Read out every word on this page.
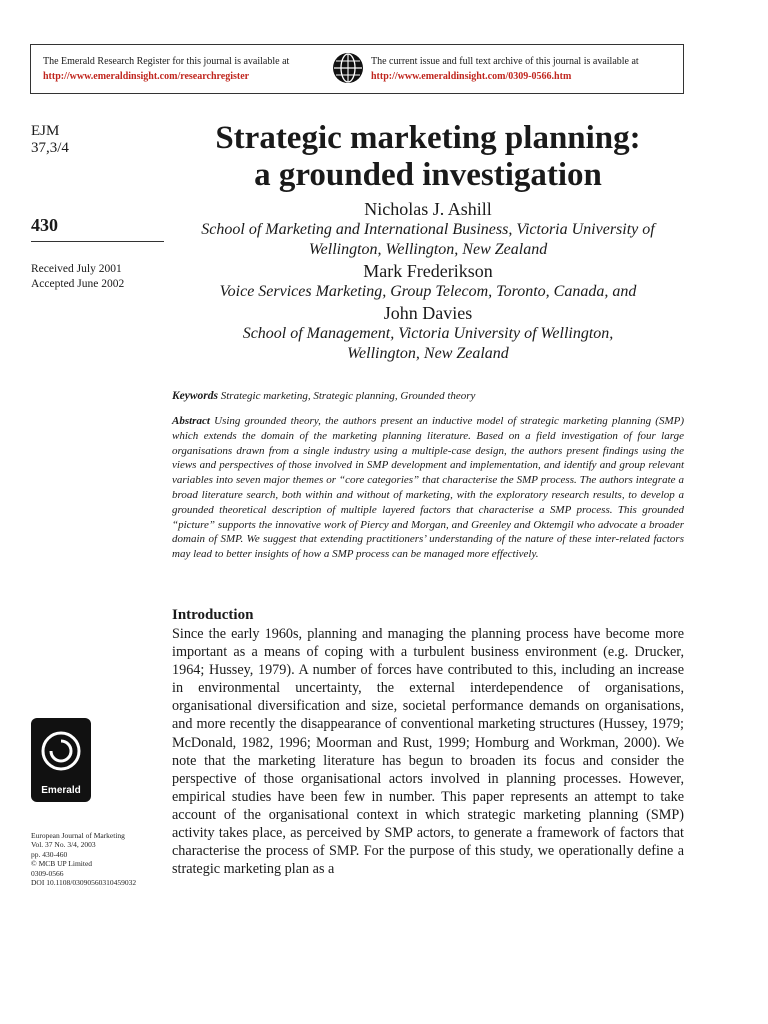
The Emerald Research Register for this journal is available at
http://www.emeraldinsight.com/researchregister
The current issue and full text archive of this journal is available at
http://www.emeraldinsight.com/0309-0566.htm
EJM
37,3/4
430
Received July 2001
Accepted June 2002
Strategic marketing planning:
a grounded investigation
Nicholas J. Ashill
School of Marketing and International Business, Victoria University of
Wellington, Wellington, New Zealand
Mark Frederikson
Voice Services Marketing, Group Telecom, Toronto, Canada, and
John Davies
School of Management, Victoria University of Wellington,
Wellington, New Zealand
Keywords Strategic marketing, Strategic planning, Grounded theory
Abstract Using grounded theory, the authors present an inductive model of strategic marketing planning (SMP) which extends the domain of the marketing planning literature. Based on a field investigation of four large organisations drawn from a single industry using a multiple-case design, the authors present findings using the views and perspectives of those involved in SMP development and implementation, and identify and group relevant variables into seven major themes or “core categories” that characterise the SMP process. The authors integrate a broad literature search, both within and without of marketing, with the exploratory research results, to develop a grounded theoretical description of multiple layered factors that characterise a SMP process. This grounded “picture” supports the innovative work of Piercy and Morgan, and Greenley and Oktemgil who advocate a broader domain of SMP. We suggest that extending practitioners’ understanding of the nature of these inter-related factors may lead to better insights of how a SMP process can be managed more effectively.
Introduction
Since the early 1960s, planning and managing the planning process have become more important as a means of coping with a turbulent business environment (e.g. Drucker, 1964; Hussey, 1979). A number of forces have contributed to this, including an increase in environmental uncertainty, the external interdependence of organisations, organisational diversification and size, societal performance demands on organisations, and more recently the disappearance of conventional marketing structures (Hussey, 1979; McDonald, 1982, 1996; Moorman and Rust, 1999; Homburg and Workman, 2000). We note that the marketing literature has begun to broaden its focus and consider the perspective of those organisational actors involved in planning processes. However, empirical studies have been few in number. This paper represents an attempt to take account of the organisational context in which strategic marketing planning (SMP) activity takes place, as perceived by SMP actors, to generate a framework of factors that characterise the process of SMP. For the purpose of this study, we operationally define a strategic marketing plan as a
Emerald
European Journal of Marketing
Vol. 37 No. 3/4, 2003
pp. 430-460
© MCB UP Limited
0309-0566
DOI 10.1108/03090560310459032
